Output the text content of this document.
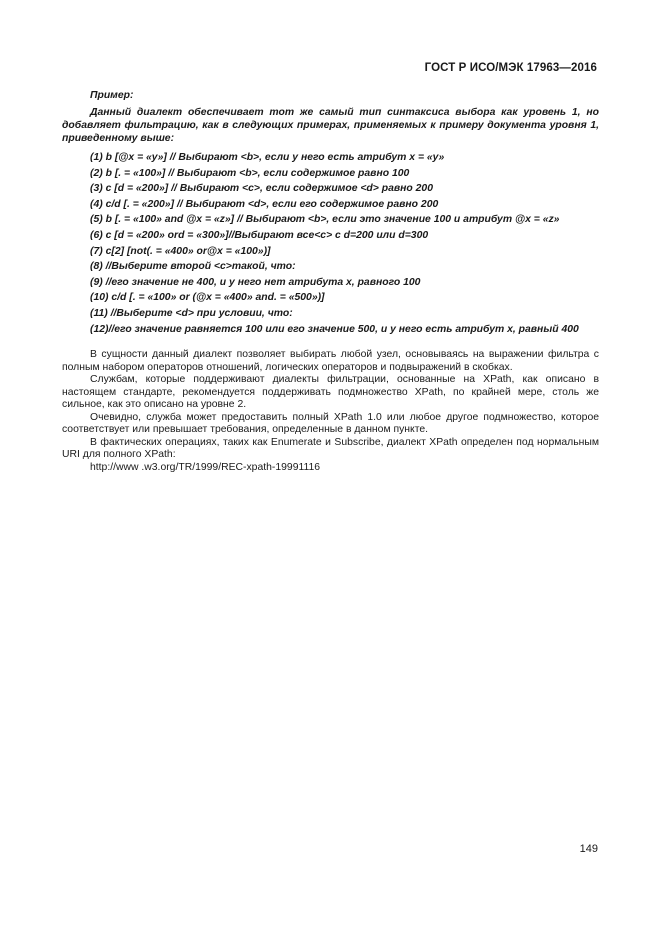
ГОСТ Р ИСО/МЭК 17963—2016
Пример:
Данный диалект обеспечивает тот же самый тип синтаксиса выбора как уровень 1, но добавляет фильтрацию, как в следующих примерах, применяемых к примеру документа уровня 1, приведенному выше:
(1) b [@x = «y»] // Выбирают <b>, если у него есть атрибут x = «y»
(2) b [. = «100»] // Выбирают <b>, если содержимое равно 100
(3) c [d = «200»] // Выбирают <c>, если содержимое <d> равно 200
(4) c/d [. = «200»] // Выбирают <d>, если его содержимое равно 200
(5) b [. = «100» and @x = «z»] // Выбирают <b>, если это значение 100 и атрибут @x = «z»
(6) c [d = «200» ord = «300»]//Выбирают все<c> с d=200 или d=300
(7) c[2] [not(. = «400» or@x = «100»)]
(8) //Выберите второй <c>такой, что:
(9) //его значение не 400, и у него нет атрибута x, равного 100
(10) c/d [. = «100» or (@x = «400» and. = «500»)]
(11) //Выберите <d> при условии, что:
(12)//его значение равняется 100 или его значение 500, и у него есть атрибут x, равный 400

В сущности данный диалект позволяет выбирать любой узел, основываясь на выражении фильтра с полным набором операторов отношений, логических операторов и подвыражений в скобках.

Службам, которые поддерживают диалекты фильтрации, основанные на XPath, как описано в настоящем стандарте, рекомендуется поддерживать подмножество XPath, по крайней мере, столь же сильное, как это описано на уровне 2.

Очевидно, служба может предоставить полный XPath 1.0 или любое другое подмножество, которое соответствует или превышает требования, определенные в данном пункте.

В фактических операциях, таких как Enumerate и Subscribe, диалект XPath определен под нормальным URI для полного XPath:

http://www .w3.org/TR/1999/REC-xpath-19991116
149
